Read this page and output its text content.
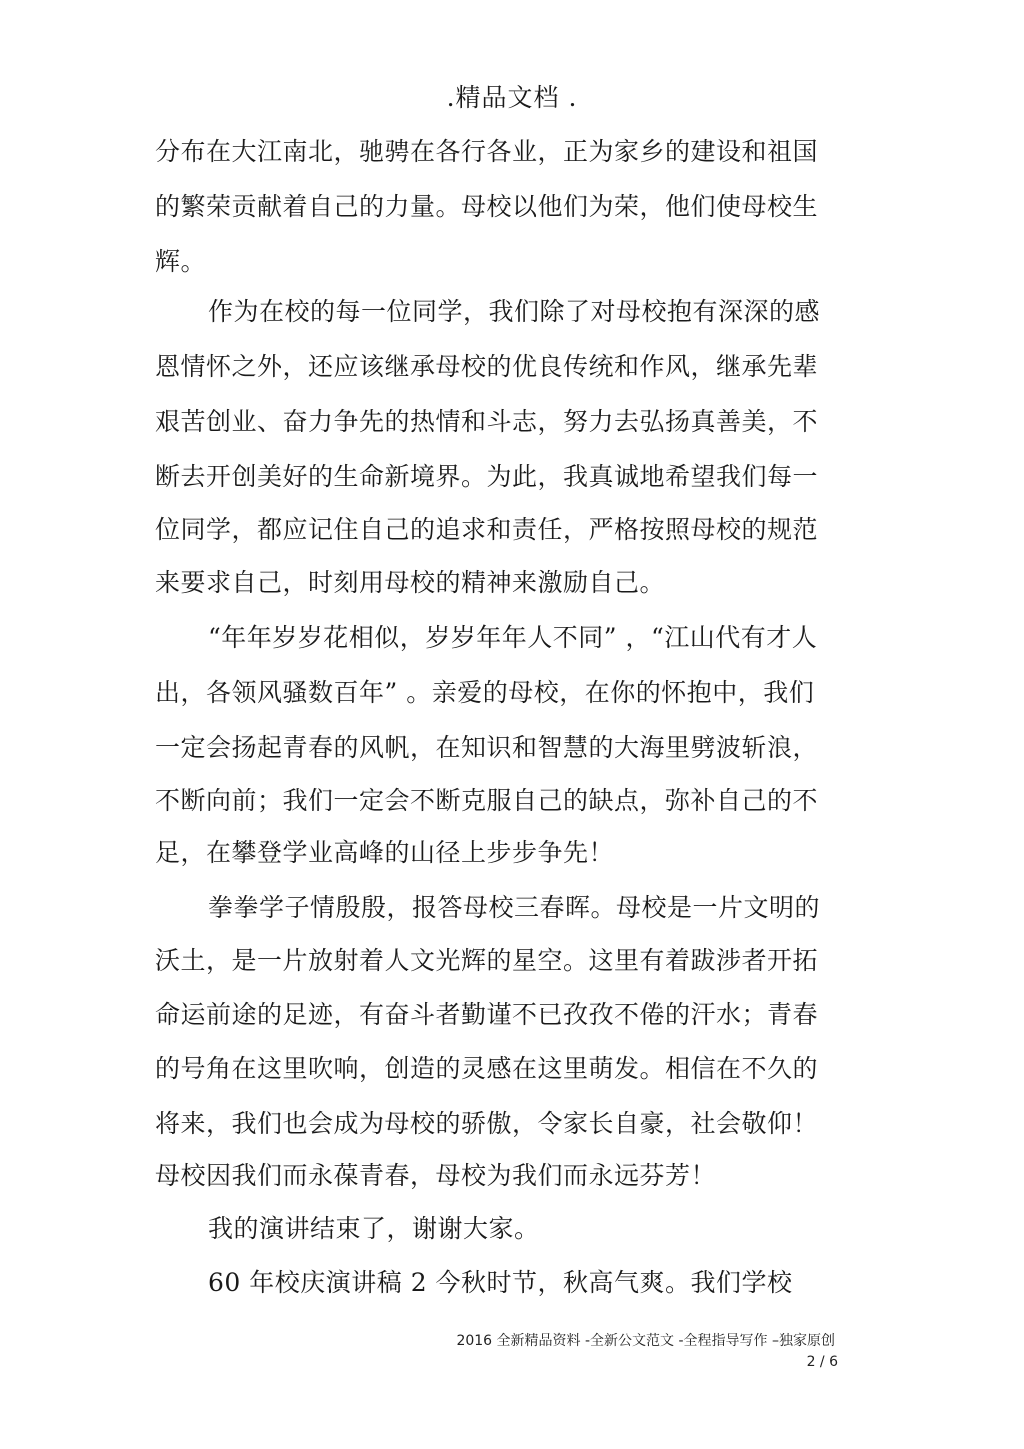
.精品文档 .
分布在大江南北，驰骋在各行各业，正为家乡的建设和祖国
的繁荣贡献着自己的力量。母校以他们为荣，他们使母校生
辉。
作为在校的每一位同学，我们除了对母校抱有深深的感
恩情怀之外，还应该继承母校的优良传统和作风，继承先辈
艰苦创业、奋力争先的热情和斗志，努力去弘扬真善美，不
断去开创美好的生命新境界。为此，我真诚地希望我们每一
位同学，都应记住自己的追求和责任，严格按照母校的规范
来要求自己，时刻用母校的精神来激励自己。
“年年岁岁花相似，岁岁年年人不同” ，“江山代有才人
出，各领风骚数百年” 。亲爱的母校，在你的怀抱中，我们
一定会扬起青春的风帆，在知识和智慧的大海里劈波斩浪，
不断向前；我们一定会不断克服自己的缺点，弥补自己的不
足，在攀登学业高峰的山径上步步争先！
拳拳学子情殷殷，报答母校三春晖。母校是一片文明的
沃土，是一片放射着人文光辉的星空。这里有着跋涉者开拓
命运前途的足迹，有奋斗者勤谨不已孜孜不倦的汗水；青春
的号角在这里吹响，创造的灵感在这里萌发。相信在不久的
将来，我们也会成为母校的骄傲，令家长自豪，社会敬仰！
母校因我们而永葆青春，母校为我们而永远芬芳！
我的演讲结束了，谢谢大家。
60 年校庆演讲稿 2 今秋时节，秋高气爽。我们学校
2016 全新精品资料 -全新公文范文 -全程指导写作 –独家原创
2 / 6
